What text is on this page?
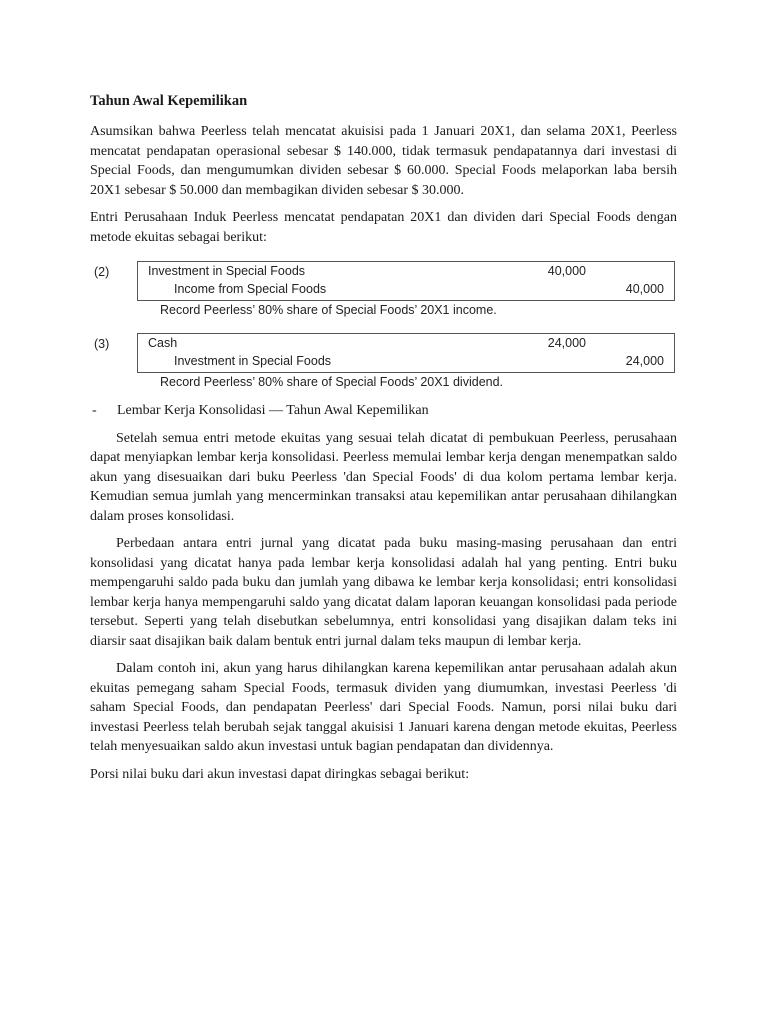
Tahun Awal Kepemilikan

Asumsikan bahwa Peerless telah mencatat akuisisi pada 1 Januari 20X1, dan selama 20X1, Peerless mencatat pendapatan operasional sebesar $ 140.000, tidak termasuk pendapatannya dari investasi di Special Foods, dan mengumumkan dividen sebesar $ 60.000. Special Foods melaporkan laba bersih 20X1 sebesar $ 50.000 dan membagikan dividen sebesar $ 30.000.

Entri Perusahaan Induk Peerless mencatat pendapatan 20X1 dan dividen dari Special Foods dengan metode ekuitas sebagai berikut:

(2)	Investment in Special Foods	40,000
Income from Special Foods	40,000
Record Peerless’ 80% share of Special Foods’ 20X1 income.
(3)	Cash	24,000
Investment in Special Foods	24,000
Record Peerless’ 80% share of Special Foods’ 20X1 dividend.
- Lembar Kerja Konsolidasi — Tahun Awal Kepemilikan

Setelah semua entri metode ekuitas yang sesuai telah dicatat di pembukuan Peerless, perusahaan dapat menyiapkan lembar kerja konsolidasi. Peerless memulai lembar kerja dengan menempatkan saldo akun yang disesuaikan dari buku Peerless 'dan Special Foods' di dua kolom pertama lembar kerja. Kemudian semua jumlah yang mencerminkan transaksi atau kepemilikan antar perusahaan dihilangkan dalam proses konsolidasi.

Perbedaan antara entri jurnal yang dicatat pada buku masing-masing perusahaan dan entri konsolidasi yang dicatat hanya pada lembar kerja konsolidasi adalah hal yang penting. Entri buku mempengaruhi saldo pada buku dan jumlah yang dibawa ke lembar kerja konsolidasi; entri konsolidasi lembar kerja hanya mempengaruhi saldo yang dicatat dalam laporan keuangan konsolidasi pada periode tersebut. Seperti yang telah disebutkan sebelumnya, entri konsolidasi yang disajikan dalam teks ini diarsir saat disajikan baik dalam bentuk entri jurnal dalam teks maupun di lembar kerja.

Dalam contoh ini, akun yang harus dihilangkan karena kepemilikan antar perusahaan adalah akun ekuitas pemegang saham Special Foods, termasuk dividen yang diumumkan, investasi Peerless 'di saham Special Foods, dan pendapatan Peerless' dari Special Foods. Namun, porsi nilai buku dari investasi Peerless telah berubah sejak tanggal akuisisi 1 Januari karena dengan metode ekuitas, Peerless telah menyesuaikan saldo akun investasi untuk bagian pendapatan dan dividennya.

Porsi nilai buku dari akun investasi dapat diringkas sebagai berikut:
